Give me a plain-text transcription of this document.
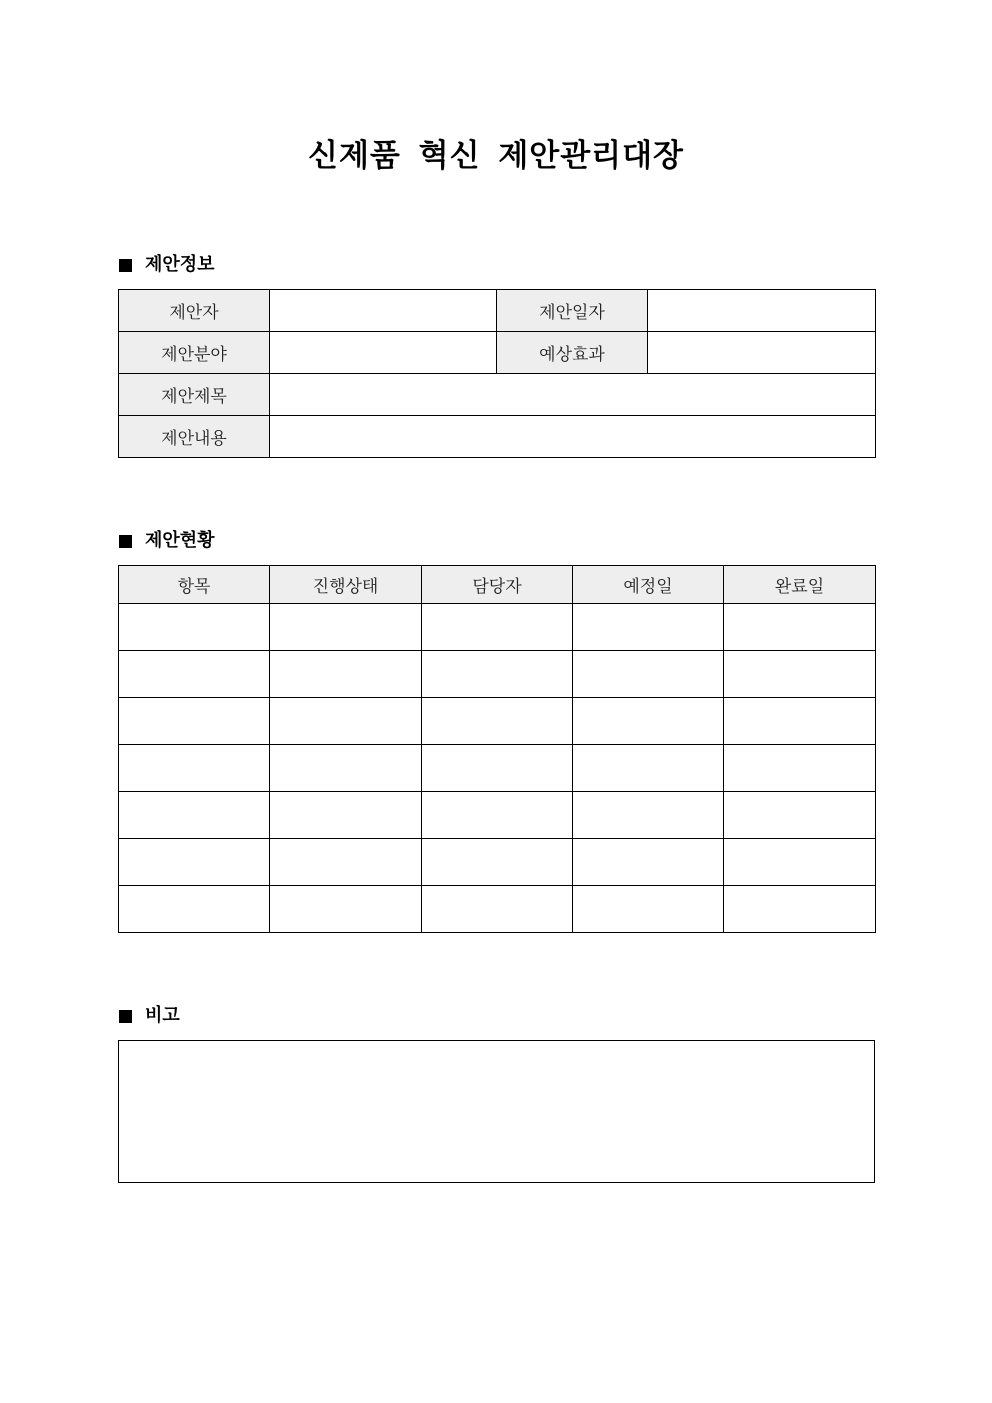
신제품 혁신 제안관리대장
제안정보
제안자		제안일자	
제안분야		예상효과	
제안제목			
제안내용			
제안현황
항목	진행상태	담당자	예정일	완료일

비고
